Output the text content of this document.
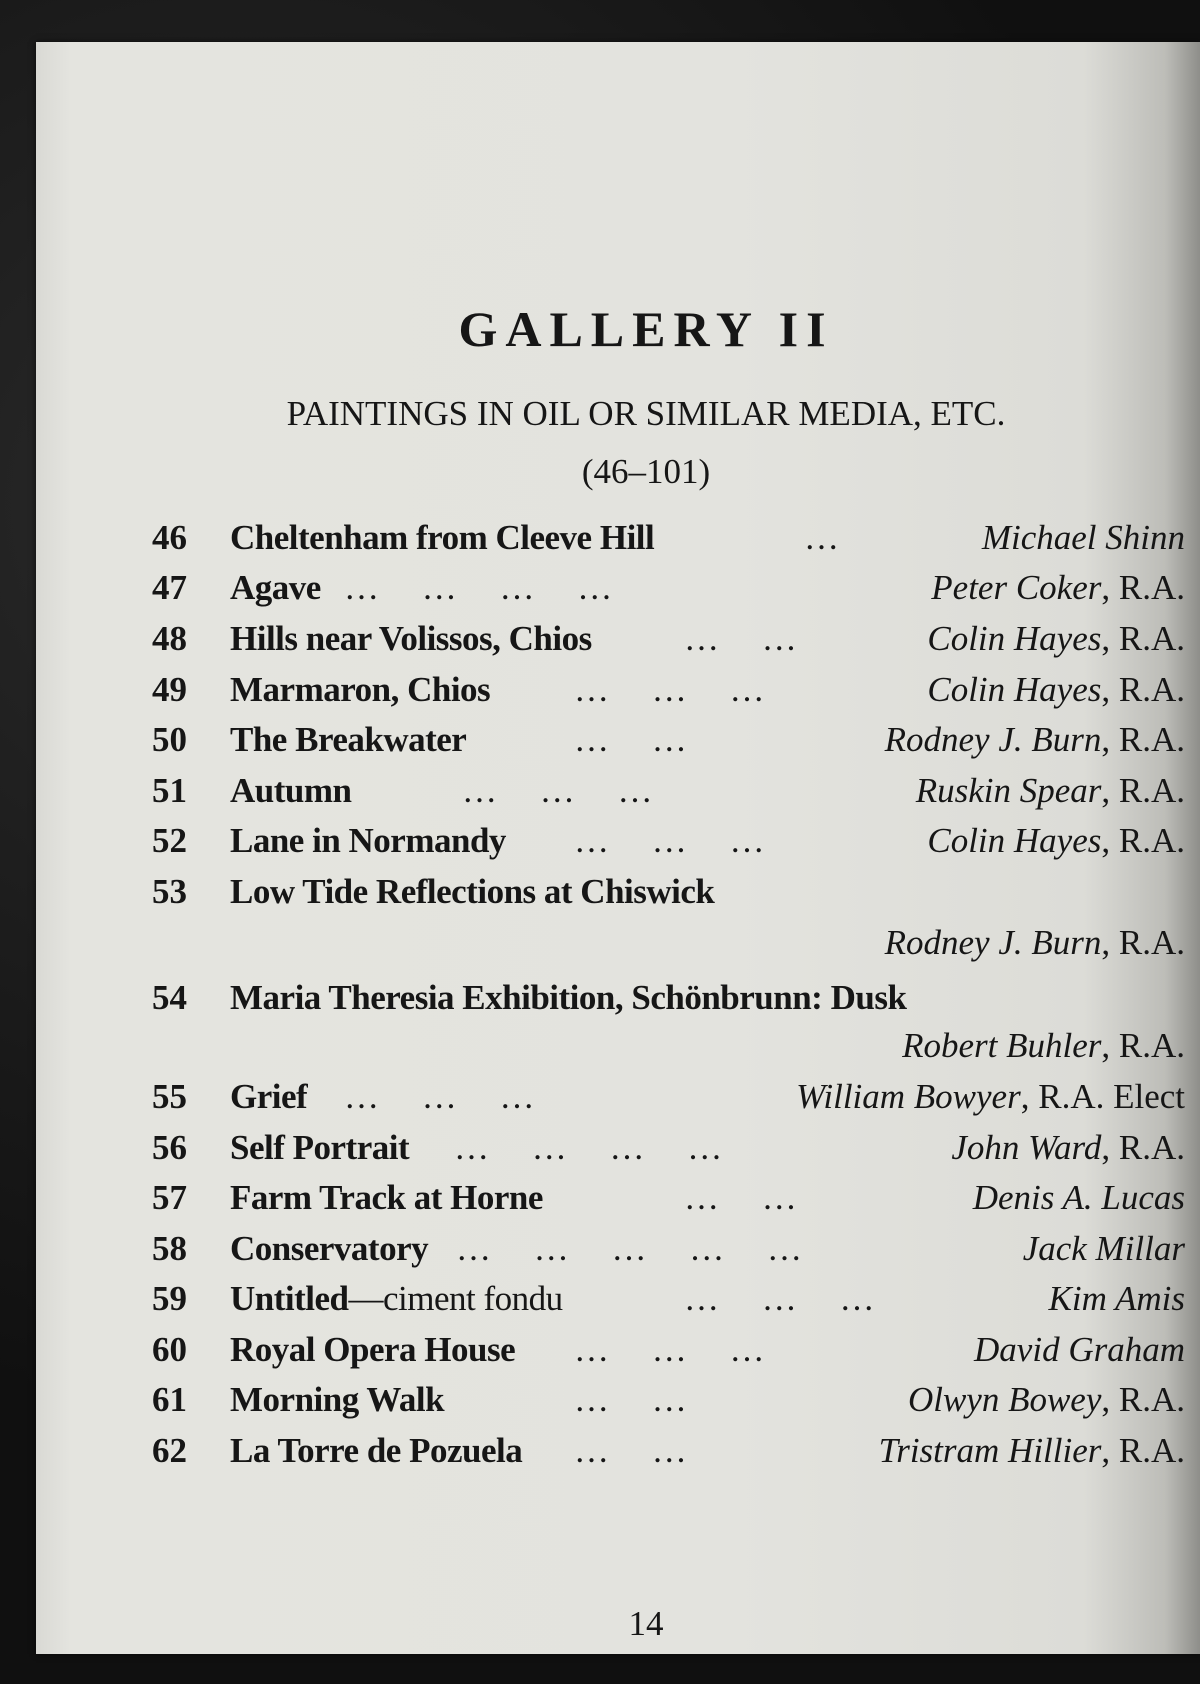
GALLERY II
PAINTINGS IN OIL OR SIMILAR MEDIA, ETC.
(46–101)
46 Cheltenham from Cleeve Hill	…	Michael Shinn
47 Agave … … … …	Peter Coker, R.A.
48 Hills near Volissos, Chios	… …	Colin Hayes, R.A.
49 Marmaron, Chios … … …	Colin Hayes, R.A.
50 The Breakwater	… …	Rodney J. Burn, R.A.
51 Autumn	… … …	Ruskin Spear, R.A.
52 Lane in Normandy … … …	Colin Hayes, R.A.
53 Low Tide Reflections at Chiswick
Rodney J. Burn, R.A.
54 Maria Theresia Exhibition, Schönbrunn: Dusk
Robert Buhler, R.A.
55 Grief … … …	William Bowyer, R.A. Elect
56 Self Portrait … … … …	John Ward, R.A.
57 Farm Track at Horne	… …	Denis A. Lucas
58 Conservatory … … … … …	Jack Millar
59 Untitled—ciment fondu	… … …	Kim Amis
60 Royal Opera House … … …	David Graham
61 Morning Walk	… …	Olwyn Bowey, R.A.
62 La Torre de Pozuela … …	Tristram Hillier, R.A.
14
